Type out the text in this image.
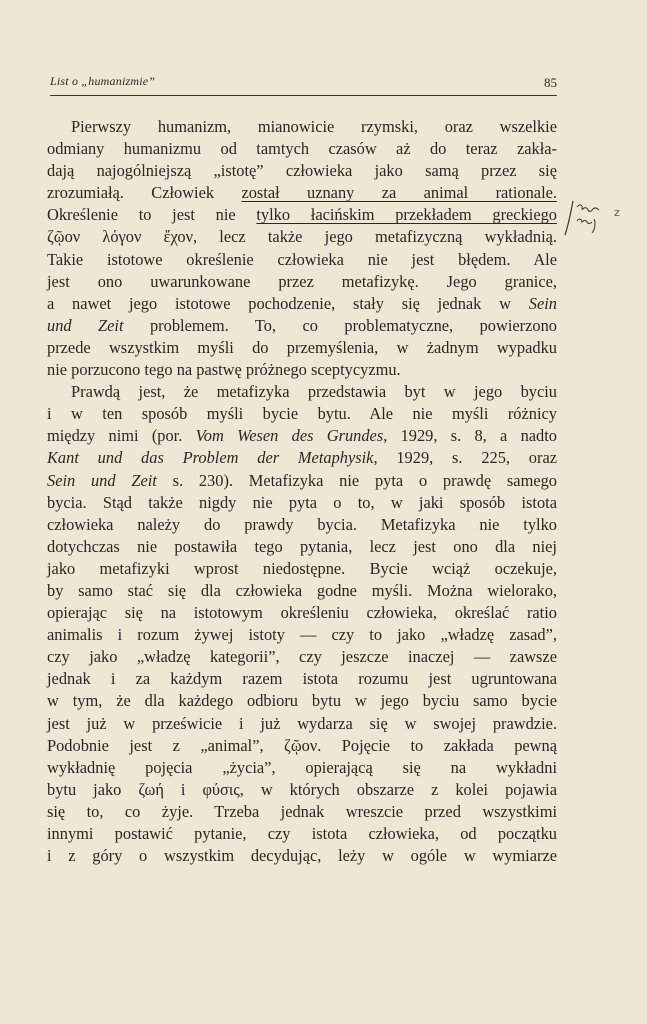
List o „humanizmie”	85
Pierwszy humanizm, mianowicie rzymski, oraz wszelkie
odmiany humanizmu od tamtych czasów aż do teraz zakła-
dają najogólniejszą „istotę” człowieka jako samą przez się
zrozumiałą. Człowiek został uznany za animal rationale.
Określenie to jest nie tylko łacińskim przekładem greckiego
ζῷον λόγον ἔχον, lecz także jego metafizyczną wykładnią.
Takie istotowe określenie człowieka nie jest błędem. Ale
jest ono uwarunkowane przez metafizykę. Jego granice,
a nawet jego istotowe pochodzenie, stały się jednak w Sein
und Zeit problemem. To, co problematyczne, powierzono
przede wszystkim myśli do przemyślenia, w żadnym wypadku
nie porzucono tego na pastwę próżnego sceptycyzmu.
Prawdą jest, że metafizyka przedstawia byt w jego byciu
i w ten sposób myśli bycie bytu. Ale nie myśli różnicy
między nimi (por. Vom Wesen des Grundes, 1929, s. 8, a nadto
Kant und das Problem der Metaphysik, 1929, s. 225, oraz
Sein und Zeit s. 230). Metafizyka nie pyta o prawdę samego
bycia. Stąd także nigdy nie pyta o to, w jaki sposób istota
człowieka należy do prawdy bycia. Metafizyka nie tylko
dotychczas nie postawiła tego pytania, lecz jest ono dla niej
jako metafizyki wprost niedostępne. Bycie wciąż oczekuje,
by samo stać się dla człowieka godne myśli. Można wielorako,
opierając się na istotowym określeniu człowieka, określać ratio
animalis i rozum żywej istoty — czy to jako „władzę zasad”,
czy jako „władzę kategorii”, czy jeszcze inaczej — zawsze
jednak i za każdym razem istota rozumu jest ugruntowana
w tym, że dla każdego odbioru bytu w jego byciu samo bycie
jest już w prześwicie i już wydarza się w swojej prawdzie.
Podobnie jest z „animal”, ζῷον. Pojęcie to zakłada pewną
wykładnię pojęcia „życia”, opierającą się na wykładni
bytu jako ζωή i φύσις, w których obszarze z kolei pojawia
się to, co żyje. Trzeba jednak wreszcie przed wszystkimi
innymi postawić pytanie, czy istota człowieka, od początku
i z góry o wszystkim decydując, leży w ogóle w wymiarze
z
